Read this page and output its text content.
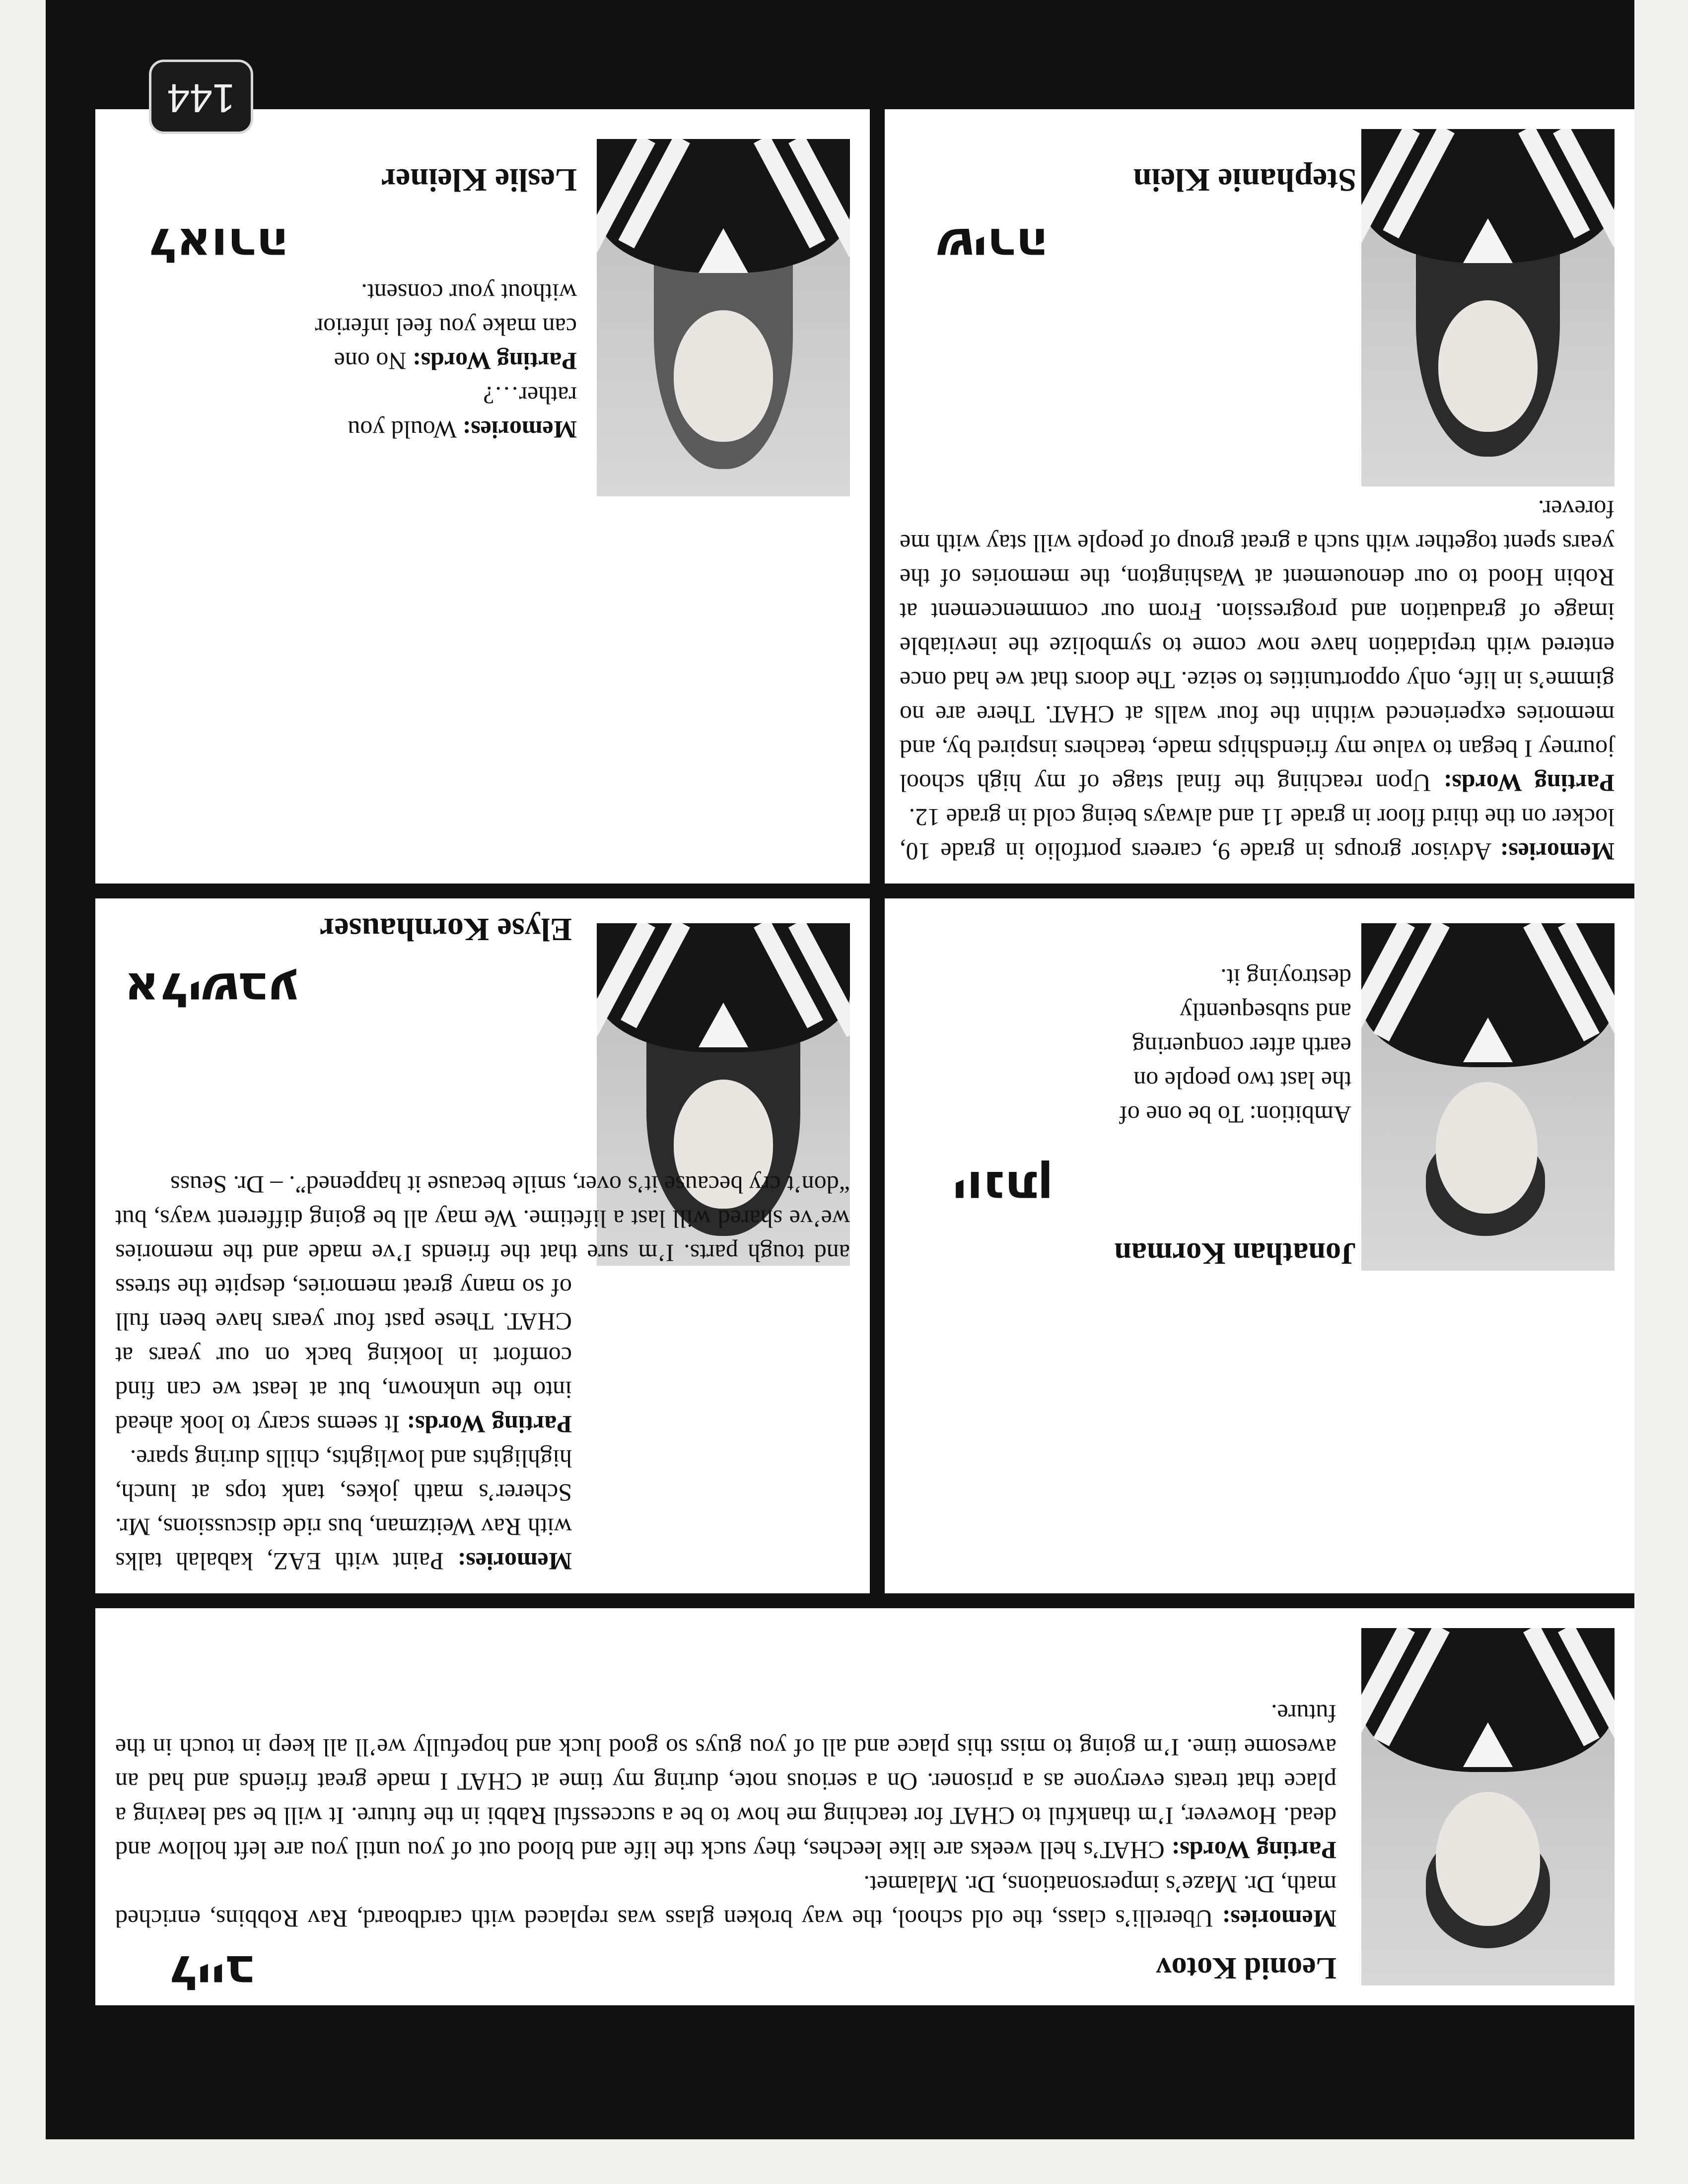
Leonid Kotov
לייב
Memories: Uberelli’s class, the old school, the way broken glass was replaced with cardboard, Rav Robbins, enriched math, Dr. Maze’s impersonations, Dr. Malamet.
Parting Words: CHAT’s hell weeks are like leeches, they suck the life and blood out of you until you are left hollow and dead. However, I’m thankful to CHAT for teaching me how to be a successful Rabbi in the future. It will be sad leaving a place that treats everyone as a prisoner. On a serious note, during my time at CHAT I made great friends and had an awesome time. I’m going to miss this place and all of you guys so good luck and hopefully we’ll all keep in touch in the future.
Jonathan Korman
יונתן
Ambition: To be one of the last two people on earth after conquering and subsequently destroying it.
Stephanie Klein
שירה
Memories: Advisor groups in grade 9, careers portfolio in grade 10, locker on the third floor in grade 11 and always being cold in grade 12.
Parting Words: Upon reaching the final stage of my high school journey I began to value my friendships made, teachers inspired by, and memories experienced within the four walls at CHAT. There are no gimme’s in life, only opportunities to seize. The doors that we had once entered with trepidation have now come to symbolize the inevitable image of graduation and progression. From our commencement at Robin Hood to our denouement at Washington, the memories of the years spent together with such a great group of people will stay with me forever.
Elyse Kornhauser
אלישבע
Memories: Paint with EAZ, kabalah talks with Rav Weitzman, bus ride discussions, Mr. Scherer’s math jokes, tank tops at lunch, highlights and lowlights, chills during spare.
Parting Words: It seems scary to look ahead into the unknown, but at least we can find comfort in looking back on our years at CHAT. These past four years have been full of so many great memories, despite the stress and tough parts. I’m sure that the friends I’ve made and the memories we’ve shared will last a lifetime. We may all be going different ways, but “don’t cry because it’s over, smile because it happened”. – Dr. Seuss
Leslie Kleiner
לאורה
Memories: Would you rather…?
Parting Words: No one can make you feel inferior without your consent.
144
